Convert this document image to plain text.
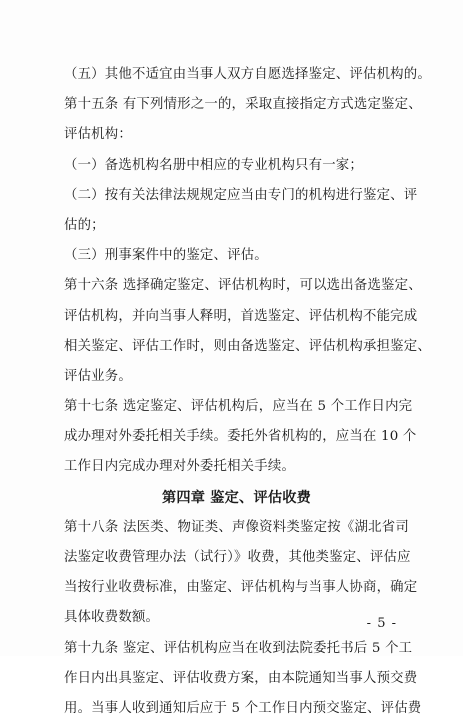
（五）其他不适宜由当事人双方自愿选择鉴定、评估机构的。
第十五条 有下列情形之一的，采取直接指定方式选定鉴定、
评估机构：
（一）备选机构名册中相应的专业机构只有一家；
（二）按有关法律法规规定应当由专门的机构进行鉴定、评
估的；
（三）刑事案件中的鉴定、评估。
第十六条 选择确定鉴定、评估机构时，可以选出备选鉴定、
评估机构，并向当事人释明，首选鉴定、评估机构不能完成
相关鉴定、评估工作时，则由备选鉴定、评估机构承担鉴定、
评估业务。
第十七条 选定鉴定、评估机构后，应当在 5 个工作日内完
成办理对外委托相关手续。委托外省机构的，应当在 10 个
工作日内完成办理对外委托相关手续。
第四章 鉴定、评估收费
第十八条 法医类、物证类、声像资料类鉴定按《湖北省司
法鉴定收费管理办法（试行）》收费，其他类鉴定、评估应
当按行业收费标准，由鉴定、评估机构与当事人协商，确定
具体收费数额。
第十九条 鉴定、评估机构应当在收到法院委托书后 5 个工
作日内出具鉴定、评估收费方案，由本院通知当事人预交费
用。当事人收到通知后应于 5 个工作日内预交鉴定、评估费
- 5 -
